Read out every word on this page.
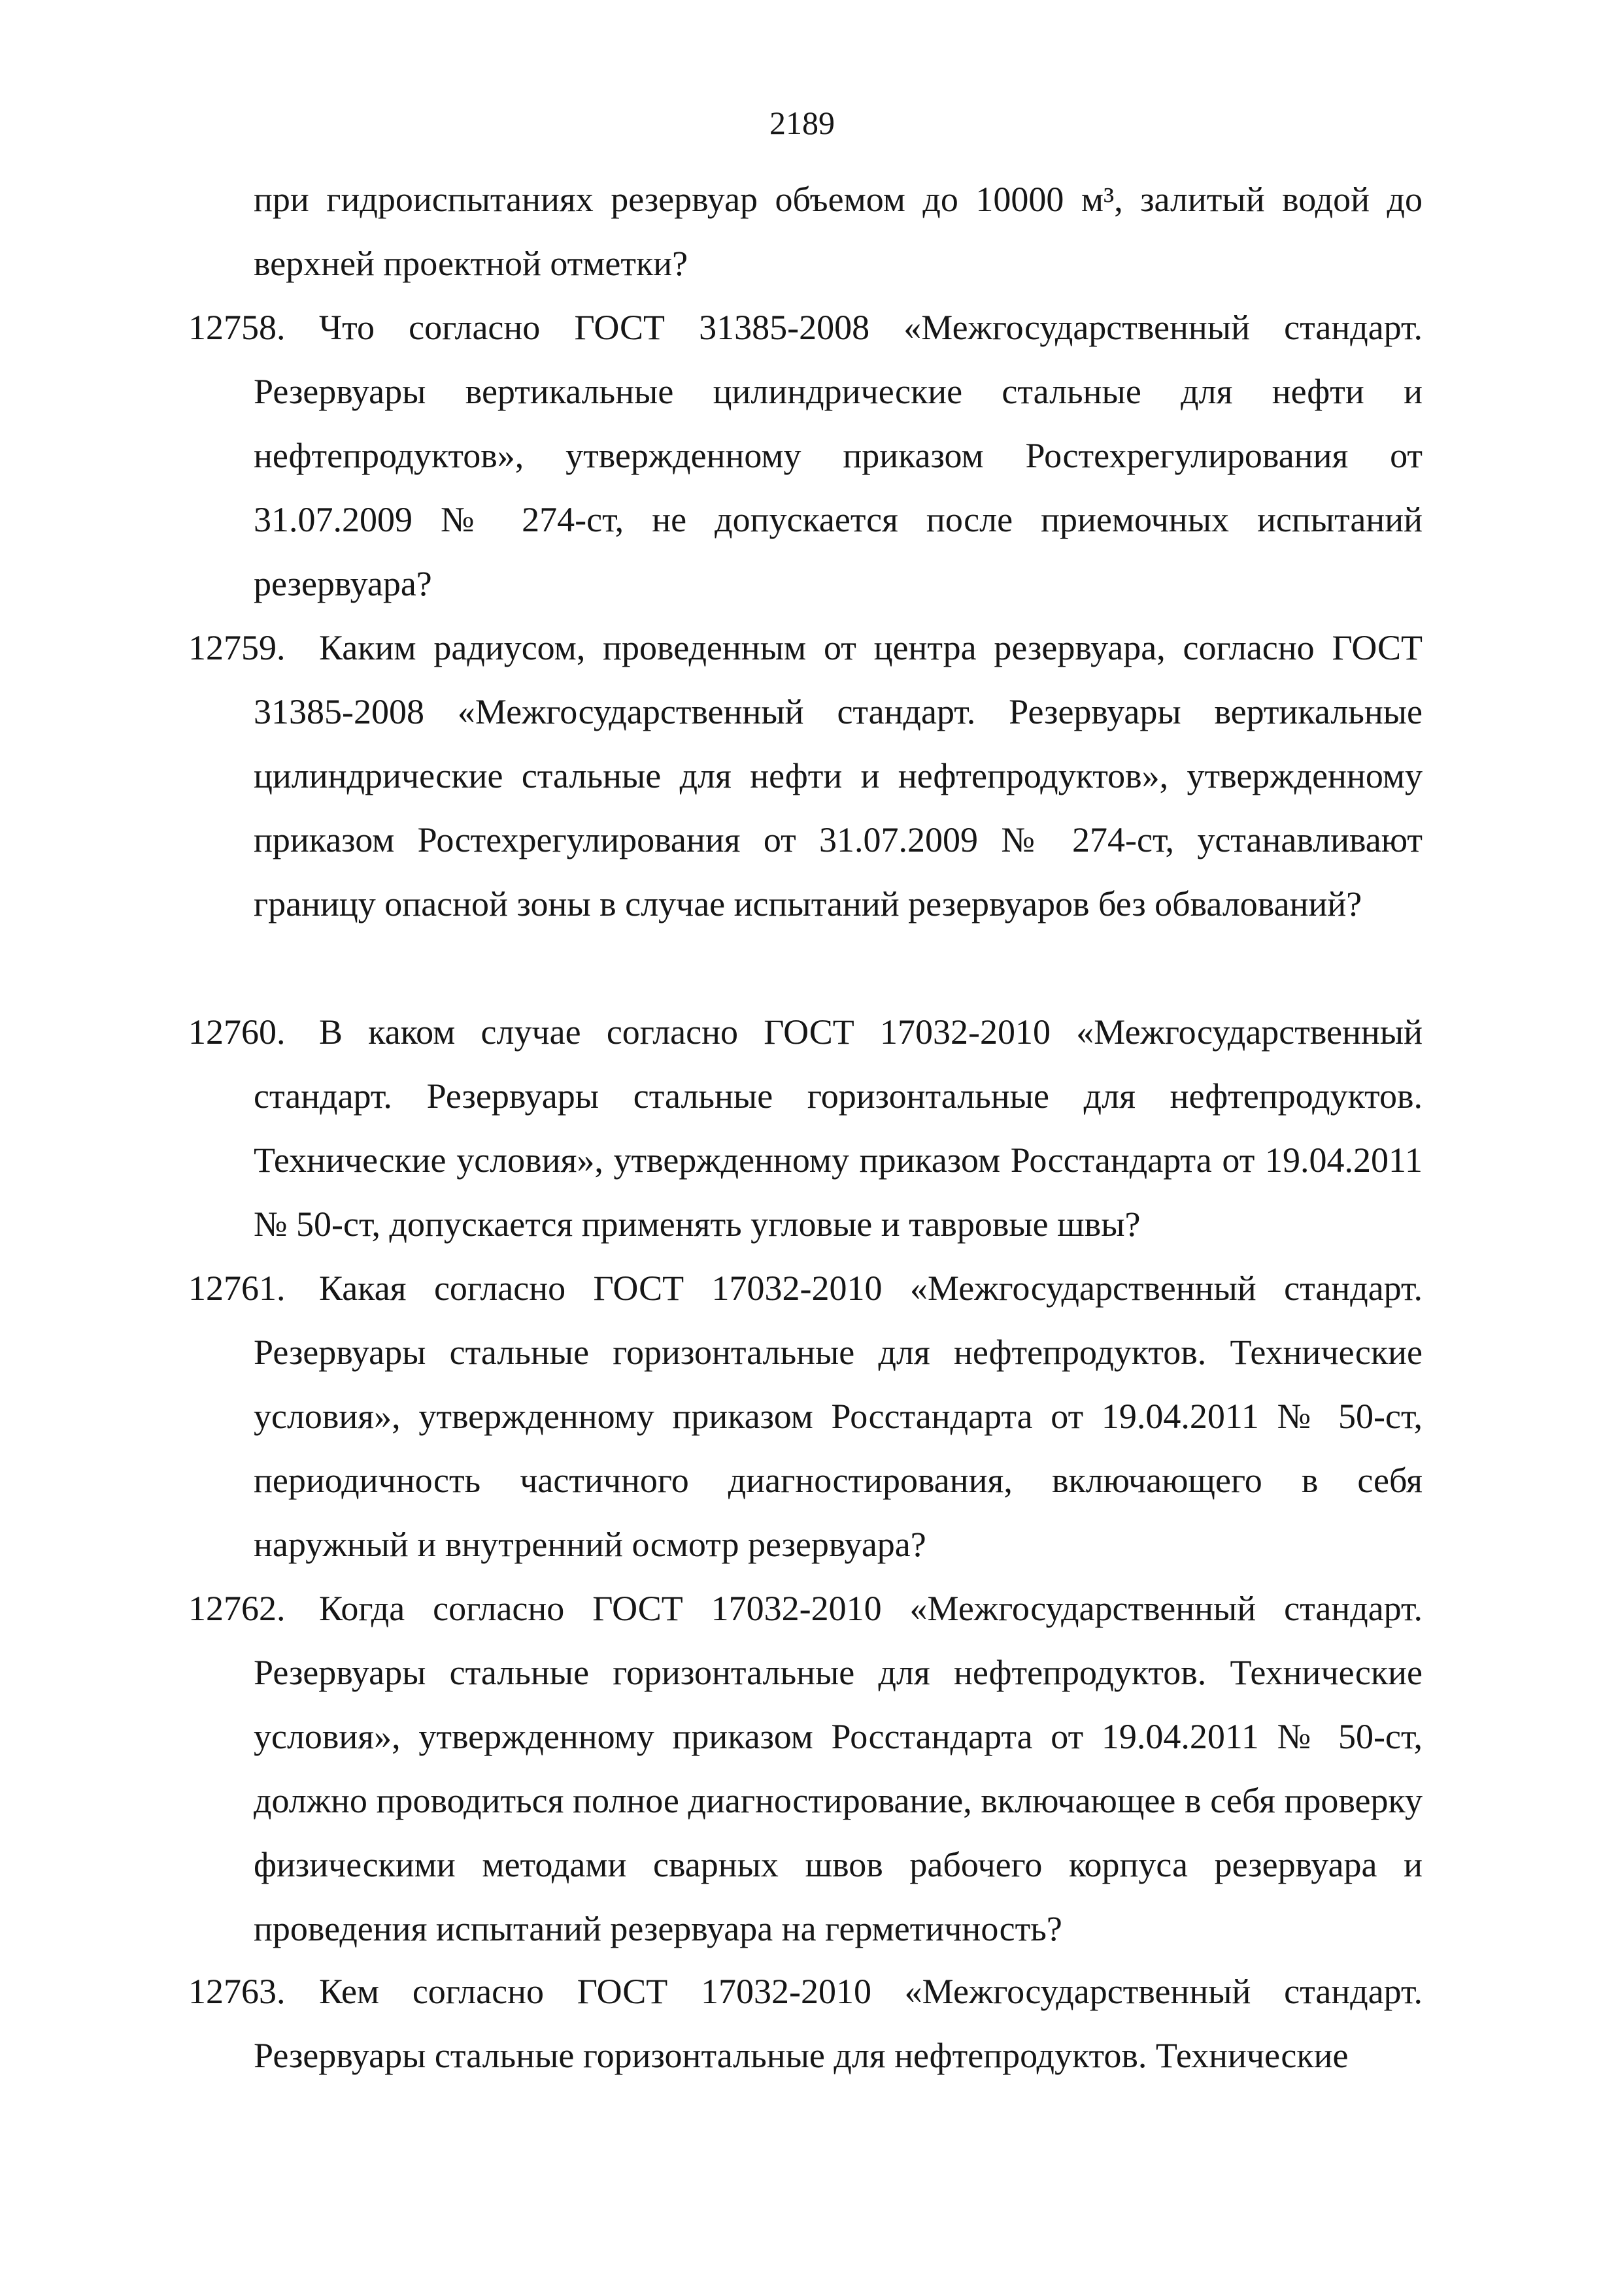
2189
при гидроиспытаниях резервуар объемом до 10000 м³, залитый водой до верхней проектной отметки?
12758. Что согласно ГОСТ 31385-2008 «Межгосударственный стандарт. Резервуары вертикальные цилиндрические стальные для нефти и нефтепродуктов», утвержденному приказом Ростехрегулирования от 31.07.2009 № 274-ст, не допускается после приемочных испытаний резервуара?
12759. Каким радиусом, проведенным от центра резервуара, согласно ГОСТ 31385-2008 «Межгосударственный стандарт. Резервуары вертикальные цилиндрические стальные для нефти и нефтепродуктов», утвержденному приказом Ростехрегулирования от 31.07.2009 № 274-ст, устанавливают границу опасной зоны в случае испытаний резервуаров без обвалований?
12760. В каком случае согласно ГОСТ 17032-2010 «Межгосударственный стандарт. Резервуары стальные горизонтальные для нефтепродуктов. Технические условия», утвержденному приказом Росстандарта от 19.04.2011 № 50-ст, допускается применять угловые и тавровые швы?
12761. Какая согласно ГОСТ 17032-2010 «Межгосударственный стандарт. Резервуары стальные горизонтальные для нефтепродуктов. Технические условия», утвержденному приказом Росстандарта от 19.04.2011 № 50-ст, периодичность частичного диагностирования, включающего в себя наружный и внутренний осмотр резервуара?
12762. Когда согласно ГОСТ 17032-2010 «Межгосударственный стандарт. Резервуары стальные горизонтальные для нефтепродуктов. Технические условия», утвержденному приказом Росстандарта от 19.04.2011 № 50-ст, должно проводиться полное диагностирование, включающее в себя проверку физическими методами сварных швов рабочего корпуса резервуара и проведения испытаний резервуара на герметичность?
12763. Кем согласно ГОСТ 17032-2010 «Межгосударственный стандарт. Резервуары стальные горизонтальные для нефтепродуктов. Технические
